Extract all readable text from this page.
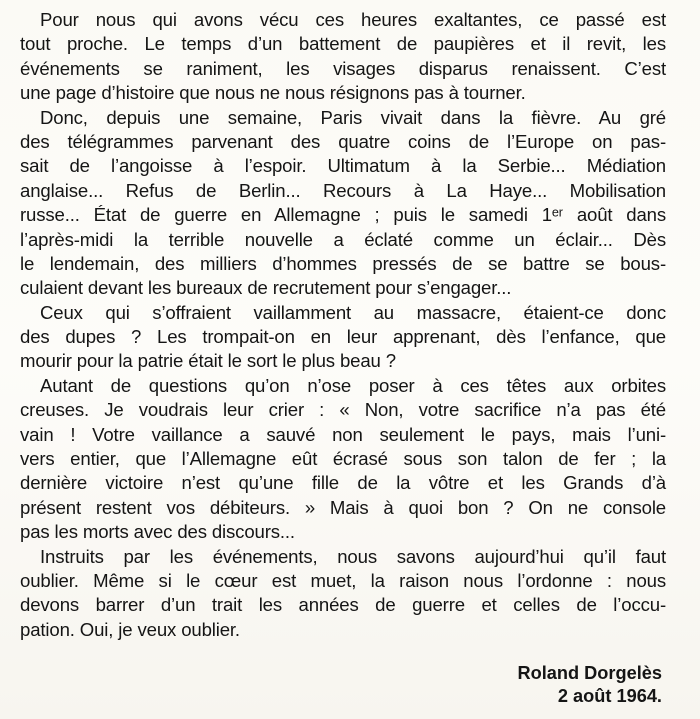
Pour nous qui avons vécu ces heures exaltantes, ce passé est
tout proche. Le temps d’un battement de paupières et il revit, les
événements se raniment, les visages disparus renaissent. C’est
une page d’histoire que nous ne nous résignons pas à tourner.
Donc, depuis une semaine, Paris vivait dans la fièvre. Au gré
des télégrammes parvenant des quatre coins de l’Europe on pas-
sait de l’angoisse à l’espoir. Ultimatum à la Serbie... Médiation
anglaise... Refus de Berlin... Recours à La Haye... Mobilisation
russe... État de guerre en Allemagne ; puis le samedi 1ᵉʳ août dans
l’après-midi la terrible nouvelle a éclaté comme un éclair... Dès
le lendemain, des milliers d’hommes pressés de se battre se bous-
culaient devant les bureaux de recrutement pour s’engager...
Ceux qui s’offraient vaillamment au massacre, étaient-ce donc
des dupes ? Les trompait-on en leur apprenant, dès l’enfance, que
mourir pour la patrie était le sort le plus beau ?
Autant de questions qu’on n’ose poser à ces têtes aux orbites
creuses. Je voudrais leur crier : « Non, votre sacrifice n’a pas été
vain ! Votre vaillance a sauvé non seulement le pays, mais l’uni-
vers entier, que l’Allemagne eût écrasé sous son talon de fer ; la
dernière victoire n’est qu’une fille de la vôtre et les Grands d’à
présent restent vos débiteurs. » Mais à quoi bon ? On ne console
pas les morts avec des discours...
Instruits par les événements, nous savons aujourd’hui qu’il faut
oublier. Même si le cœur est muet, la raison nous l’ordonne : nous
devons barrer d’un trait les années de guerre et celles de l’occu-
pation. Oui, je veux oublier.
Roland Dorgelès
2 août 1964.
